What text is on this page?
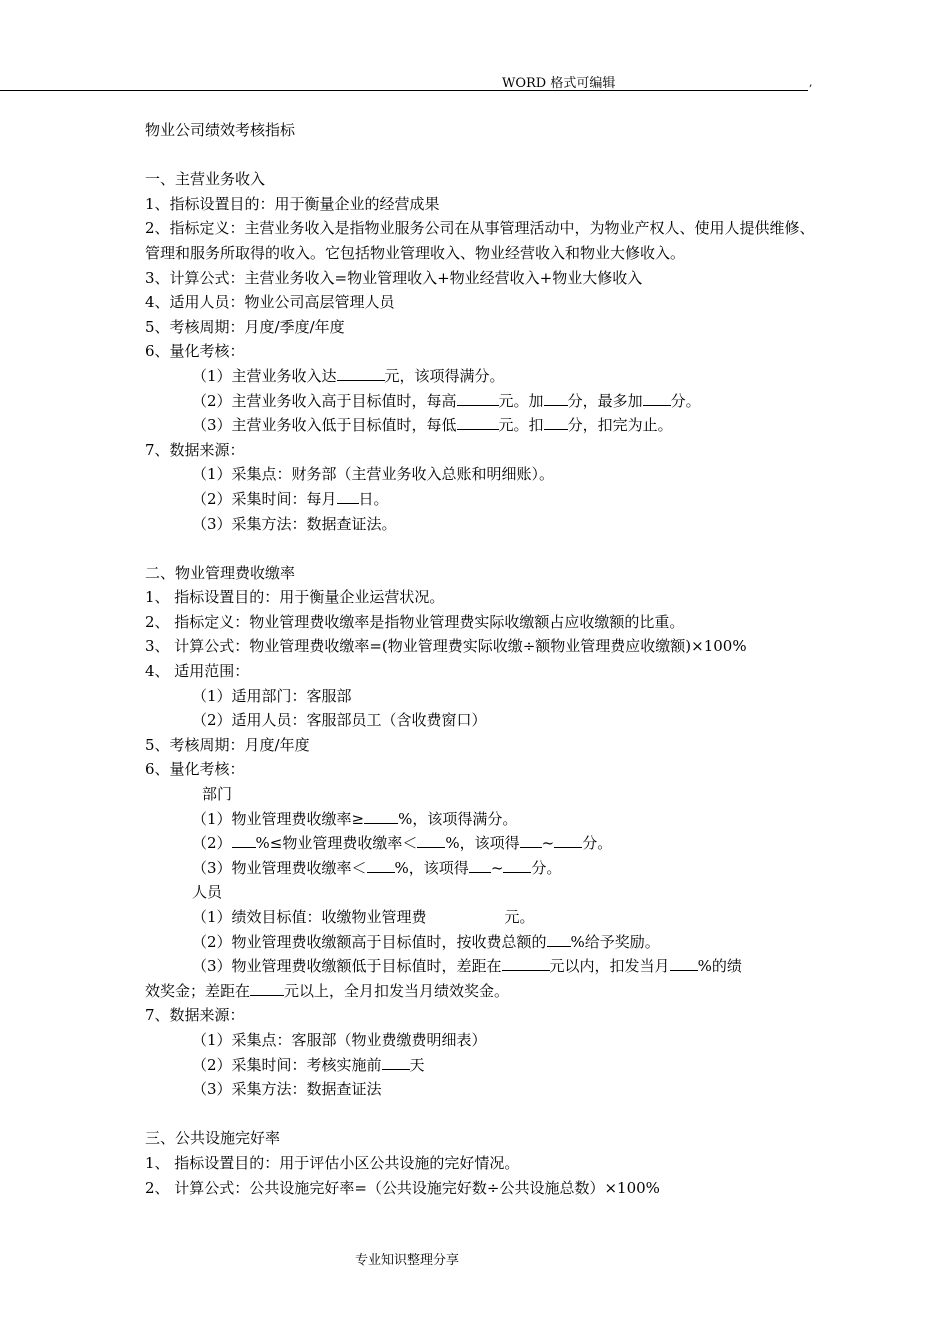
WORD 格式可编辑	,
物业公司绩效考核指标
一、主营业务收入
1、指标设置目的：用于衡量企业的经营成果
2、指标定义：主营业务收入是指物业服务公司在从事管理活动中，为物业产权人、使用人提供维修、管理和服务所取得的收入。它包括物业管理收入、物业经营收入和物业大修收入。
3、计算公式：主营业务收入=物业管理收入+物业经营收入+物业大修收入
4、适用人员：物业公司高层管理人员
5、考核周期：月度/季度/年度
6、量化考核：
（1）主营业务收入达	元，该项得满分。
（2）主营业务收入高于目标值时，每高	元。加 分，最多加 分。
（3）主营业务收入低于目标值时，每低	元。扣 分，扣完为止。
7、数据来源：
（1）采集点：财务部（主营业务收入总账和明细账）。
（2）采集时间：每月 日。
（3）采集方法：数据查证法。
二、物业管理费收缴率
1、 指标设置目的：用于衡量企业运营状况。
2、 指标定义：物业管理费收缴率是指物业管理费实际收缴额占应收缴额的比重。
3、 计算公式：物业管理费收缴率=(物业管理费实际收缴÷额物业管理费应收缴额)×100%
4、 适用范围：
（1）适用部门：客服部
（2）适用人员：客服部员工（含收费窗口）
5、考核周期：月度/年度
6、量化考核：
部门
（1）物业管理费收缴率≥ %，该项得满分。
（2） %≤物业管理费收缴率＜ %，该项得 ~ 分。
（3）物业管理费收缴率＜ %，该项得 ~ 分。
人员
（1）绩效目标值：收缴物业管理费	元。
（2）物业管理费收缴额高于目标值时，按收费总额的 %给予奖励。
（3）物业管理费收缴额低于目标值时，差距在	元以内，扣发当月 %的绩
效奖金；差距在 元以上，全月扣发当月绩效奖金。
7、数据来源：
（1）采集点：客服部（物业费缴费明细表）
（2）采集时间：考核实施前 天
（3）采集方法：数据查证法
三、公共设施完好率
1、 指标设置目的：用于评估小区公共设施的完好情况。
2、 计算公式：公共设施完好率=（公共设施完好数÷公共设施总数）×100%
专业知识整理分享
